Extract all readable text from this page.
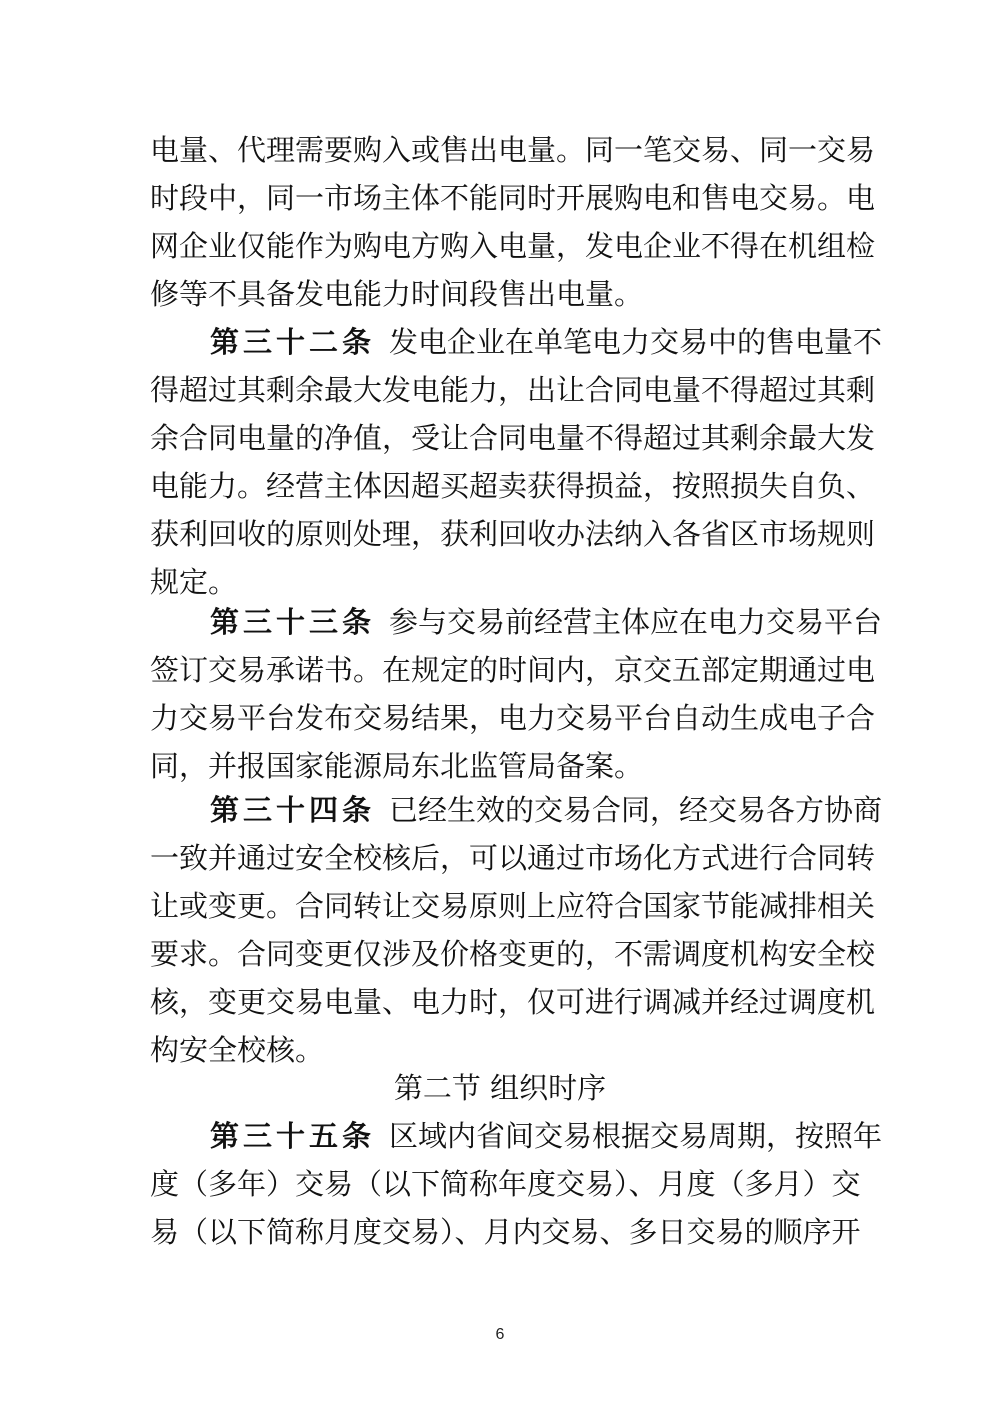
电量、代理需要购入或售出电量。同一笔交易、同一交易
时段中，同一市场主体不能同时开展购电和售电交易。电
网企业仅能作为购电方购入电量，发电企业不得在机组检
修等不具备发电能力时间段售出电量。
第三十二条 发电企业在单笔电力交易中的售电量不
得超过其剩余最大发电能力，出让合同电量不得超过其剩
余合同电量的净值，受让合同电量不得超过其剩余最大发
电能力。经营主体因超买超卖获得损益，按照损失自负、
获利回收的原则处理，获利回收办法纳入各省区市场规则
规定。
第三十三条 参与交易前经营主体应在电力交易平台
签订交易承诺书。在规定的时间内，京交五部定期通过电
力交易平台发布交易结果，电力交易平台自动生成电子合
同，并报国家能源局东北监管局备案。
第三十四条 已经生效的交易合同，经交易各方协商
一致并通过安全校核后，可以通过市场化方式进行合同转
让或变更。合同转让交易原则上应符合国家节能减排相关
要求。合同变更仅涉及价格变更的，不需调度机构安全校
核，变更交易电量、电力时，仅可进行调减并经过调度机
构安全校核。
第二节 组织时序
第三十五条 区域内省间交易根据交易周期，按照年
度（多年）交易（以下简称年度交易）、月度（多月）交
易（以下简称月度交易）、月内交易、多日交易的顺序开
6
